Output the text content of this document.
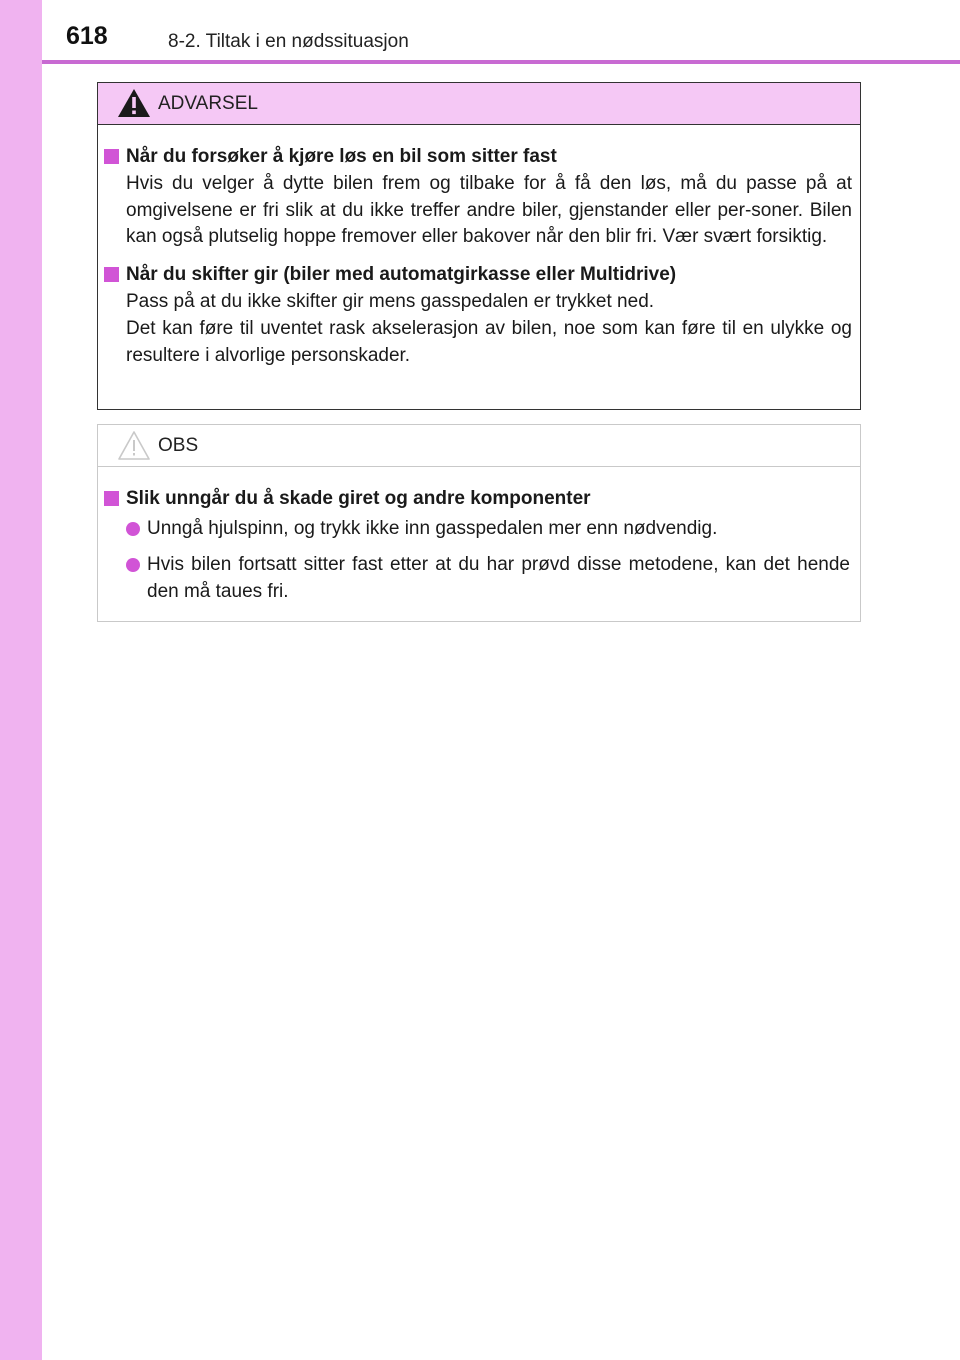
618	8-2. Tiltak i en nødssituasjon
ADVARSEL
Når du forsøker å kjøre løs en bil som sitter fast

Hvis du velger å dytte bilen frem og tilbake for å få den løs, må du passe på at omgivelsene er fri slik at du ikke treffer andre biler, gjenstander eller per-soner. Bilen kan også plutselig hoppe fremover eller bakover når den blir fri. Vær svært forsiktig.

Når du skifter gir (biler med automatgirkasse eller Multidrive)

Pass på at du ikke skifter gir mens gasspedalen er trykket ned.

Det kan føre til uventet rask akselerasjon av bilen, noe som kan føre til en ulykke og resultere i alvorlige personskader.

OBS
Slik unngår du å skade giret og andre komponenter
Unngå hjulspinn, og trykk ikke inn gasspedalen mer enn nødvendig.
Hvis bilen fortsatt sitter fast etter at du har prøvd disse metodene, kan det hende den må taues fri.
